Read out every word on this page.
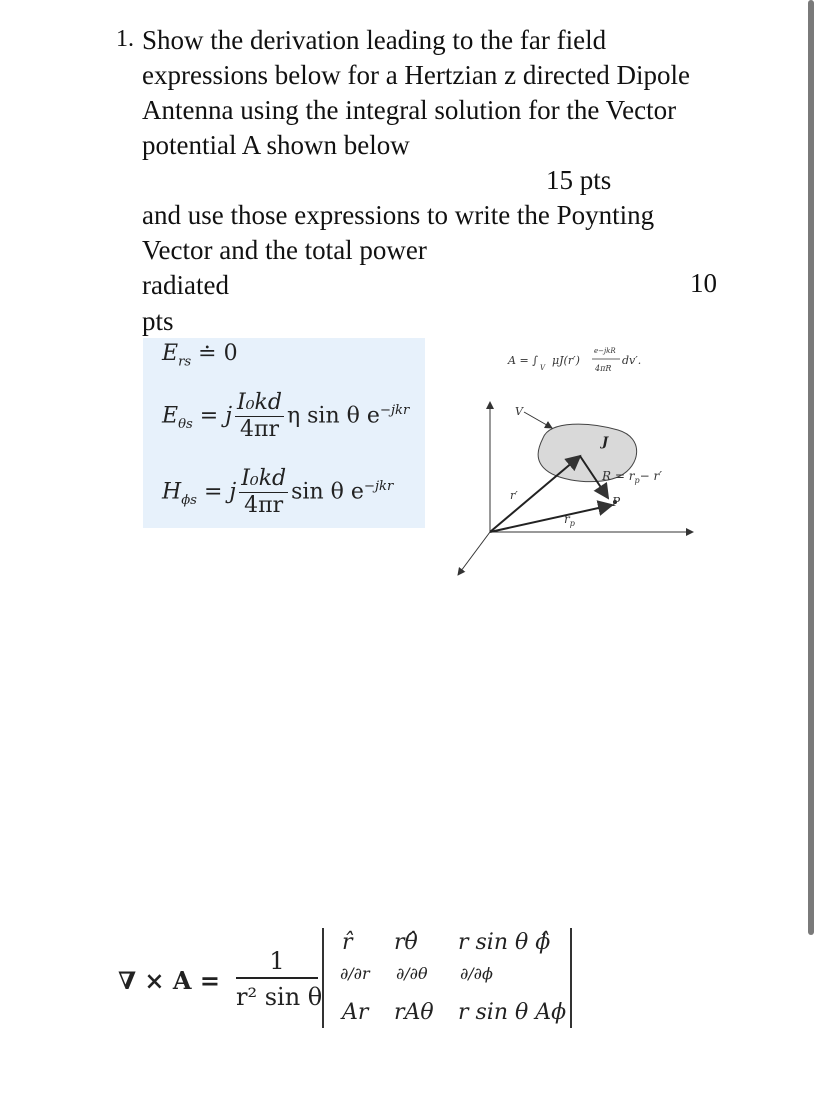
1. Show the derivation leading to the far field
expressions below for a Hertzian z directed Dipole
Antenna using the integral solution for the Vector
potential A shown below
15 pts
and use those expressions to write the Poynting
Vector and the total power
radiated	10
pts
$E_{rs}$ ≐ 0
$E_{\theta s} = j \frac{\text{I₀kd}}{4\pi r}$ η sin θ $e^{-jkr}$
$H_{\phi s} = j \frac{\text{I₀kd}}{4\pi r}$ sin θ $e^{-jkr}$
A = ∫
V
μJ(r′)
e−jkR
4πR
dv′.
V
J
P
$R = r_p- r'$
r′
$r_p$
∇ × A =
1
r² sin θ
r̂ rθ̂ r sin θ ϕ̂
∂/∂r ∂/∂θ ∂/∂ϕ
Ar rAθ r sin θ Aϕ
